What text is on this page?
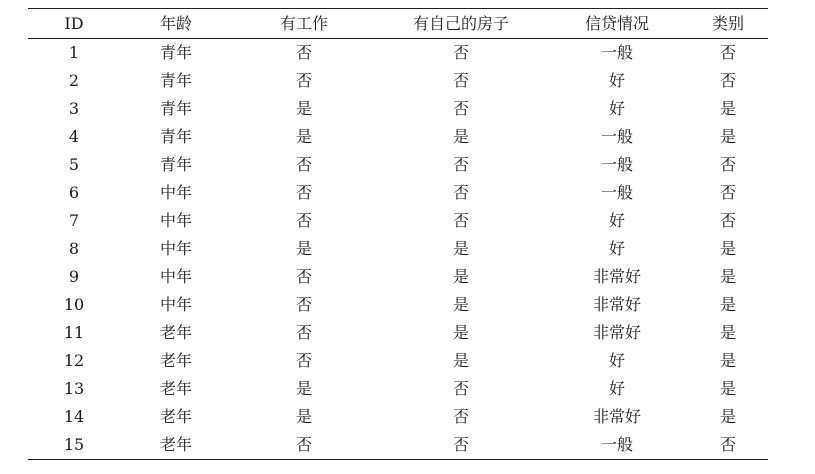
ID	年龄	有工作	有自己的房子	信贷情况	类别
1	青年	否	否	一般	否
2	青年	否	否	好	否
3	青年	是	否	好	是
4	青年	是	是	一般	是
5	青年	否	否	一般	否
6	中年	否	否	一般	否
7	中年	否	否	好	否
8	中年	是	是	好	是
9	中年	否	是	非常好	是
10	中年	否	是	非常好	是
11	老年	否	是	非常好	是
12	老年	否	是	好	是
13	老年	是	否	好	是
14	老年	是	否	非常好	是
15	老年	否	否	一般	否
